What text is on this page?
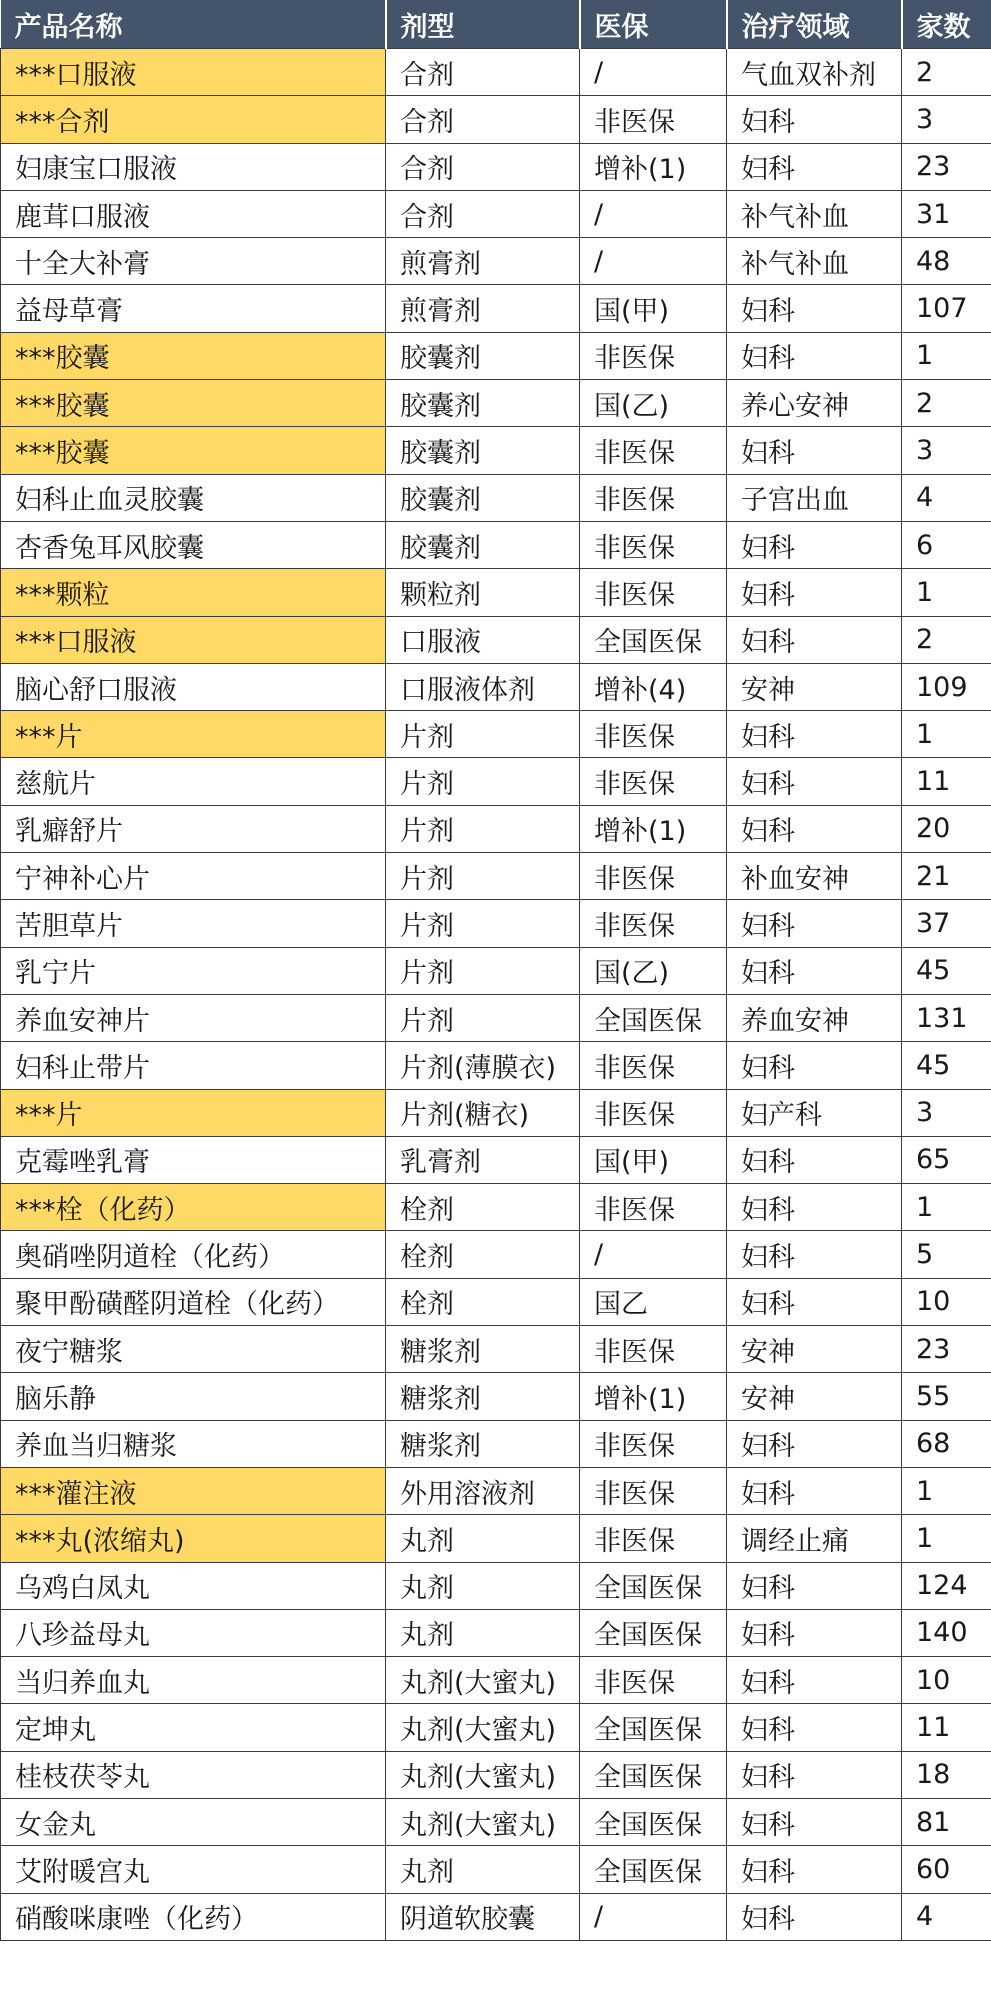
产品名称	剂型	医保	治疗领域	家数
***口服液	合剂	/	气血双补剂	2
***合剂	合剂	非医保	妇科	3
妇康宝口服液	合剂	增补(1)	妇科	23
鹿茸口服液	合剂	/	补气补血	31
十全大补膏	煎膏剂	/	补气补血	48
益母草膏	煎膏剂	国(甲)	妇科	107
***胶囊	胶囊剂	非医保	妇科	1
***胶囊	胶囊剂	国(乙)	养心安神	2
***胶囊	胶囊剂	非医保	妇科	3
妇科止血灵胶囊	胶囊剂	非医保	子宫出血	4
杏香兔耳风胶囊	胶囊剂	非医保	妇科	6
***颗粒	颗粒剂	非医保	妇科	1
***口服液	口服液	全国医保	妇科	2
脑心舒口服液	口服液体剂	增补(4)	安神	109
***片	片剂	非医保	妇科	1
慈航片	片剂	非医保	妇科	11
乳癖舒片	片剂	增补(1)	妇科	20
宁神补心片	片剂	非医保	补血安神	21
苦胆草片	片剂	非医保	妇科	37
乳宁片	片剂	国(乙)	妇科	45
养血安神片	片剂	全国医保	养血安神	131
妇科止带片	片剂(薄膜衣)	非医保	妇科	45
***片	片剂(糖衣)	非医保	妇产科	3
克霉唑乳膏	乳膏剂	国(甲)	妇科	65
***栓（化药）	栓剂	非医保	妇科	1
奥硝唑阴道栓（化药）	栓剂	/	妇科	5
聚甲酚磺醛阴道栓（化药）	栓剂	国乙	妇科	10
夜宁糖浆	糖浆剂	非医保	安神	23
脑乐静	糖浆剂	增补(1)	安神	55
养血当归糖浆	糖浆剂	非医保	妇科	68
***灌注液	外用溶液剂	非医保	妇科	1
***丸(浓缩丸)	丸剂	非医保	调经止痛	1
乌鸡白凤丸	丸剂	全国医保	妇科	124
八珍益母丸	丸剂	全国医保	妇科	140
当归养血丸	丸剂(大蜜丸)	非医保	妇科	10
定坤丸	丸剂(大蜜丸)	全国医保	妇科	11
桂枝茯苓丸	丸剂(大蜜丸)	全国医保	妇科	18
女金丸	丸剂(大蜜丸)	全国医保	妇科	81
艾附暖宫丸	丸剂	全国医保	妇科	60
硝酸咪康唑（化药）	阴道软胶囊	/	妇科	4
